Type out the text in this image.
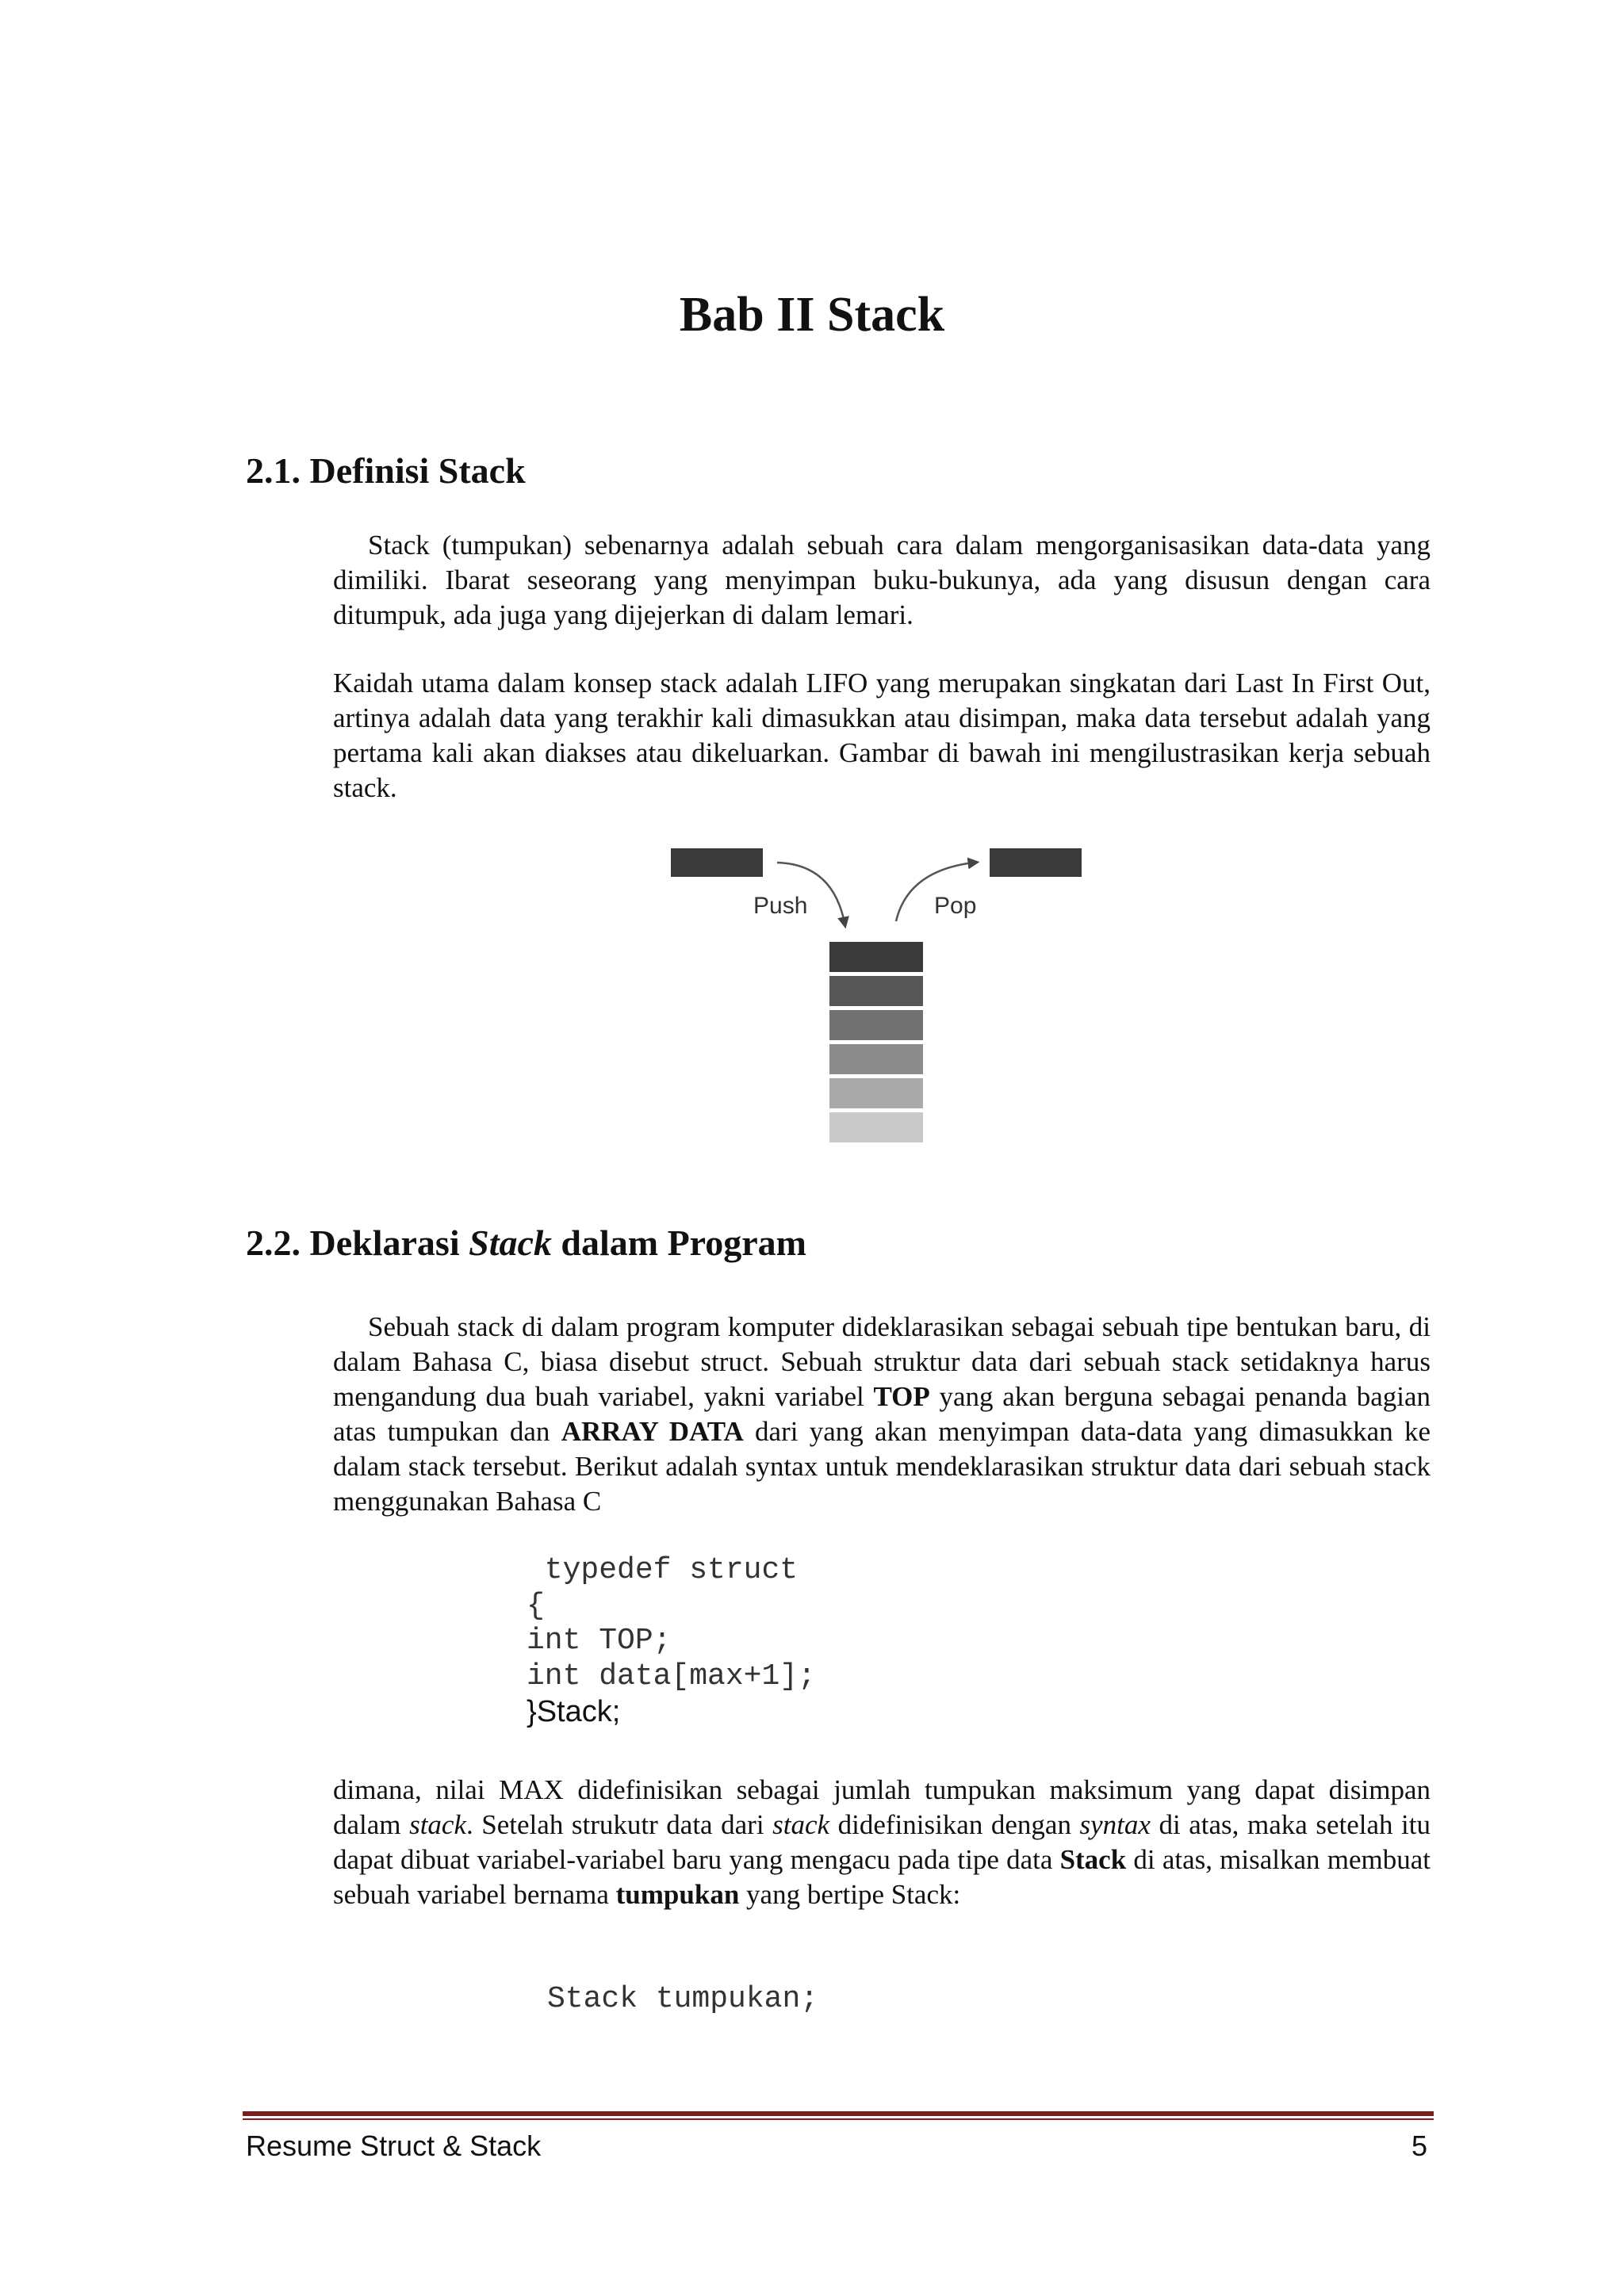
Bab II Stack
2.1. Definisi Stack

Stack (tumpukan) sebenarnya adalah sebuah cara dalam mengorganisasikan data-data yang dimiliki. Ibarat seseorang yang menyimpan buku-bukunya, ada yang disusun dengan cara ditumpuk, ada juga yang dijejerkan di dalam lemari.

Kaidah utama dalam konsep stack adalah LIFO yang merupakan singkatan dari Last In First Out, artinya adalah data yang terakhir kali dimasukkan atau disimpan, maka data tersebut adalah yang pertama kali akan diakses atau dikeluarkan. Gambar di bawah ini mengilustrasikan kerja sebuah stack.

Push	Pop
2.2. Deklarasi Stack dalam Program

Sebuah stack di dalam program komputer dideklarasikan sebagai sebuah tipe bentukan baru, di dalam Bahasa C, biasa disebut struct. Sebuah struktur data dari sebuah stack setidaknya harus mengandung dua buah variabel, yakni variabel TOP yang akan berguna sebagai penanda bagian atas tumpukan dan ARRAY DATA dari yang akan menyimpan data-data yang dimasukkan ke dalam stack tersebut. Berikut adalah syntax untuk mendeklarasikan struktur data dari sebuah stack menggunakan Bahasa C

typedef struct
{
int TOP;
int data[max+1];
}Stack;

dimana, nilai MAX didefinisikan sebagai jumlah tumpukan maksimum yang dapat disimpan dalam stack. Setelah strukutr data dari stack didefinisikan dengan syntax di atas, maka setelah itu dapat dibuat variabel-variabel baru yang mengacu pada tipe data Stack di atas, misalkan membuat sebuah variabel bernama tumpukan yang bertipe Stack:

Stack tumpukan;
Resume Struct & Stack	5
